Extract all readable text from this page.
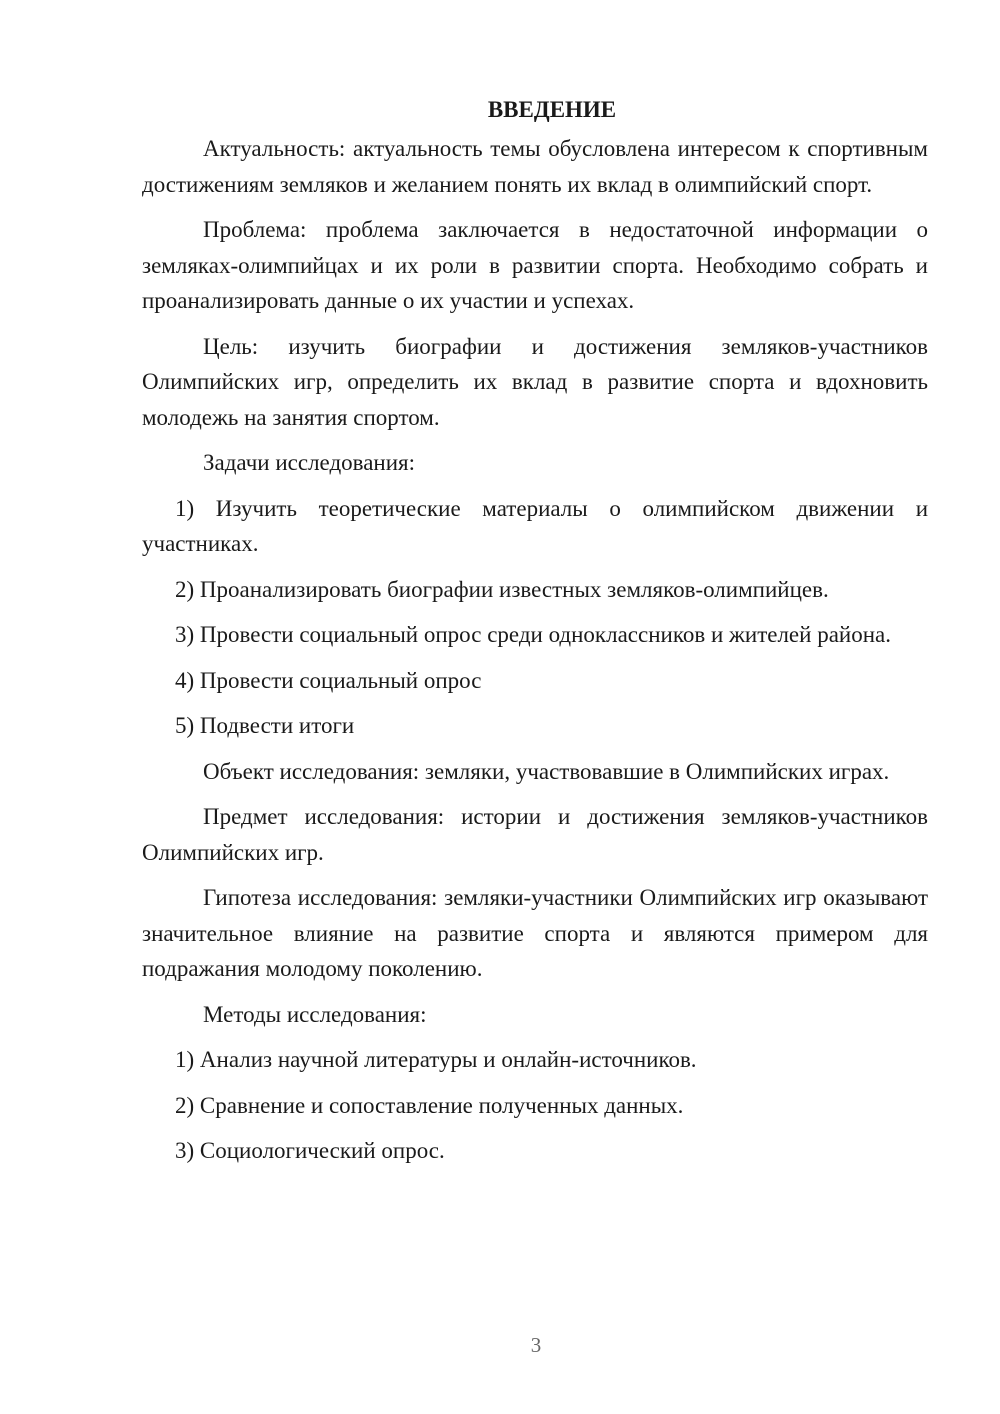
ВВЕДЕНИЕ

Актуальность: актуальность темы обусловлена интересом к спортивным достижениям земляков и желанием понять их вклад в олимпийский спорт.

Проблема: проблема заключается в недостаточной информации о земляках-олимпийцах и их роли в развитии спорта. Необходимо собрать и проанализировать данные о их участии и успехах.

Цель: изучить биографии и достижения земляков-участников Олимпийских игр, определить их вклад в развитие спорта и вдохновить молодежь на занятия спортом.

Задачи исследования:

1) Изучить теоретические материалы о олимпийском движении и участниках.

2) Проанализировать биографии известных земляков-олимпийцев.

3) Провести социальный опрос среди одноклассников и жителей района.

4) Провести социальный опрос

5) Подвести итоги

Объект исследования: земляки, участвовавшие в Олимпийских играх.

Предмет исследования: истории и достижения земляков-участников Олимпийских игр.

Гипотеза исследования: земляки-участники Олимпийских игр оказывают значительное влияние на развитие спорта и являются примером для подражания молодому поколению.

Методы исследования:

1) Анализ научной литературы и онлайн-источников.

2) Сравнение и сопоставление полученных данных.

3) Социологический опрос.

3
